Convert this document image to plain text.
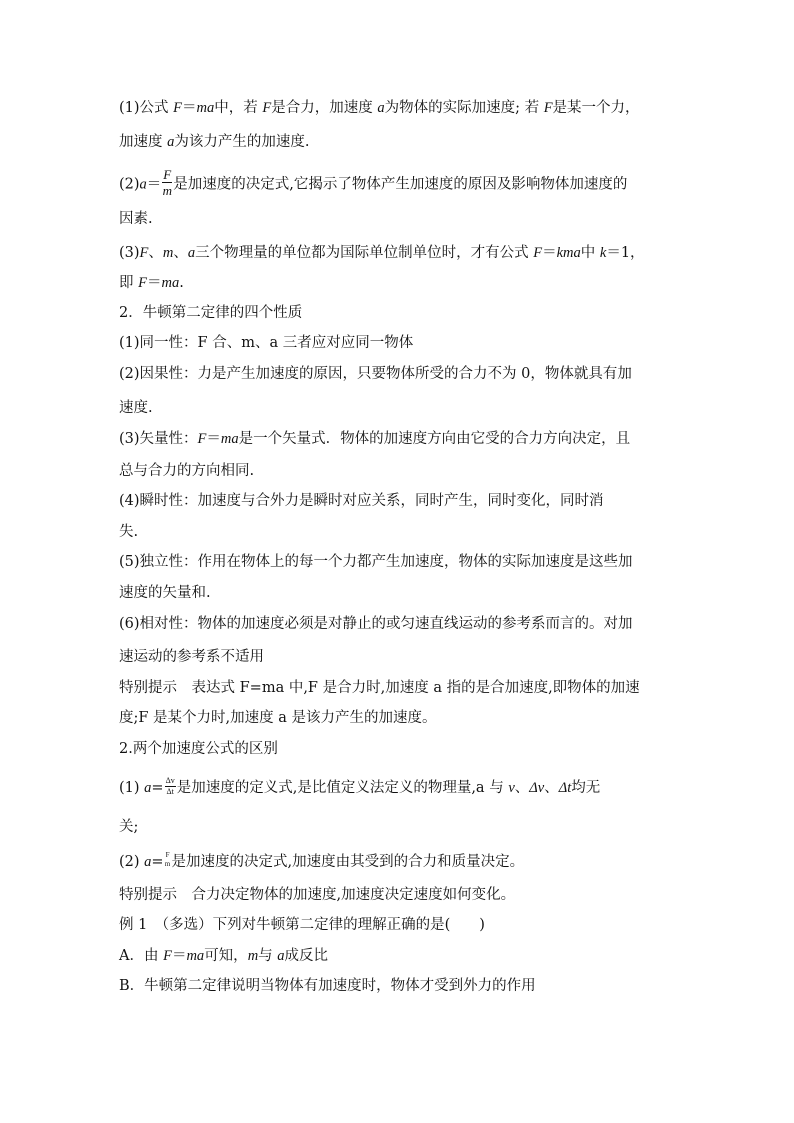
(1)公式 F＝ma中，若 F是合力，加速度 a为物体的实际加速度; 若 F是某一个力，
加速度 a为该力产生的加速度.
$(2)a= \frac{F}{m}$ 是加速度的决定式,它揭示了物体产生加速度的原因及影响物体加速度的
因素.
(3)F、m、a三个物理量的单位都为国际单位制单位时，才有公式 F＝kma中 k＝1，
即 F＝ma.
2．牛顿第二定律的四个性质
(1)同一性：F 合、m、a 三者应对应同一物体
(2)因果性：力是产生加速度的原因，只要物体所受的合力不为 0，物体就具有加
速度.
(3)矢量性：F＝ma是一个矢量式．物体的加速度方向由它受的合力方向决定，且
总与合力的方向相同.
(4)瞬时性：加速度与合外力是瞬时对应关系，同时产生，同时变化，同时消
失.
(5)独立性：作用在物体上的每一个力都产生加速度，物体的实际加速度是这些加
速度的矢量和.
(6)相对性：物体的加速度必须是对静止的或匀速直线运动的参考系而言的。对加
速运动的参考系不适用
特别提示　表达式 F=ma 中,F 是合力时,加速度 a 指的是合加速度,即物体的加速
度;F 是某个力时,加速度 a 是该力产生的加速度。
2.两个加速度公式的区别
(1) $a= \frac{\Delta v}{\Delta t}$ 是加速度的定义式,是比值定义法定义的物理量,a 与 v、Δv、Δt均无
关;
(2) a= F
m 是加速度的决定式,加速度由其受到的合力和质量决定。
特别提示　合力决定物体的加速度,加速度决定速度如何变化。
例 1　（多选）下列对牛顿第二定律的理解正确的是(　　)
A．由 F＝ma可知，m与 a成反比
B．牛顿第二定律说明当物体有加速度时，物体才受到外力的作用
